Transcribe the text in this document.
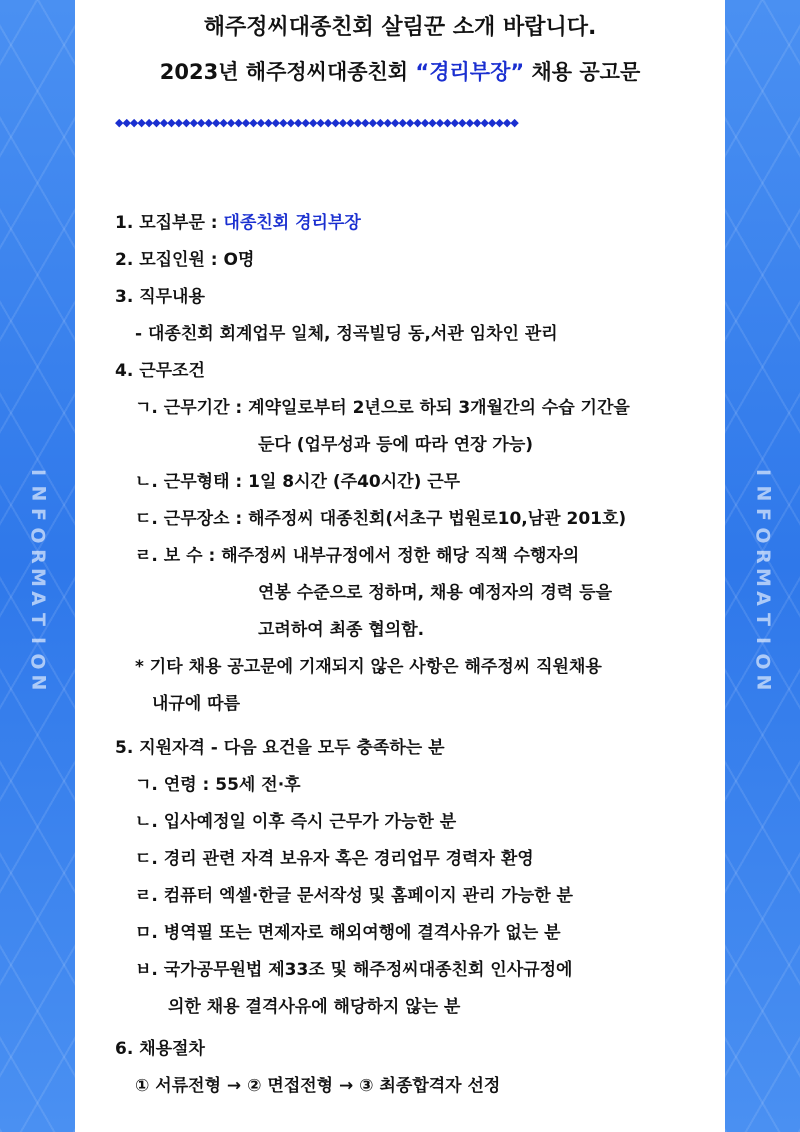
I
N
F
O
R
M
A
T
I
O
N
I
N
F
O
R
M
A
T
I
O
N
해주정씨대종친회 살림꾼 소개 바랍니다.
2023년 해주정씨대종친회 “경리부장” 채용 공고문
◆◆◆◆◆◆◆◆◆◆◆◆◆◆◆◆◆◆◆◆◆◆◆◆◆◆◆◆◆◆◆◆◆◆◆◆◆◆◆◆◆◆◆◆◆◆◆◆◆◆◆◆◆◆
1. 모집부문 : 대종친회 경리부장
2. 모집인원 : O명
3. 직무내용
- 대종친회 회계업무 일체, 정곡빌딩 동,서관 임차인 관리
4. 근무조건
ㄱ. 근무기간 : 계약일로부터 2년으로 하되 3개월간의 수습 기간을
둔다 (업무성과 등에 따라 연장 가능)
ㄴ. 근무형태 : 1일 8시간 (주40시간) 근무
ㄷ. 근무장소 : 해주정씨 대종친회(서초구 법원로10,남관 201호)
ㄹ. 보 수 : 해주정씨 내부규정에서 정한 해당 직책 수행자의
연봉 수준으로 정하며, 채용 예정자의 경력 등을
고려하여 최종 협의함.
* 기타 채용 공고문에 기재되지 않은 사항은 해주정씨 직원채용
내규에 따름
5. 지원자격 - 다음 요건을 모두 충족하는 분
ㄱ. 연령 : 55세 전·후
ㄴ. 입사예정일 이후 즉시 근무가 가능한 분
ㄷ. 경리 관련 자격 보유자 혹은 경리업무 경력자 환영
ㄹ. 컴퓨터 엑셀·한글 문서작성 및 홈페이지 관리 가능한 분
ㅁ. 병역필 또는 면제자로 해외여행에 결격사유가 없는 분
ㅂ. 국가공무원법 제33조 및 해주정씨대종친회 인사규정에
의한 채용 결격사유에 해당하지 않는 분
6. 채용절차
① 서류전형 → ② 면접전형 → ③ 최종합격자 선정
